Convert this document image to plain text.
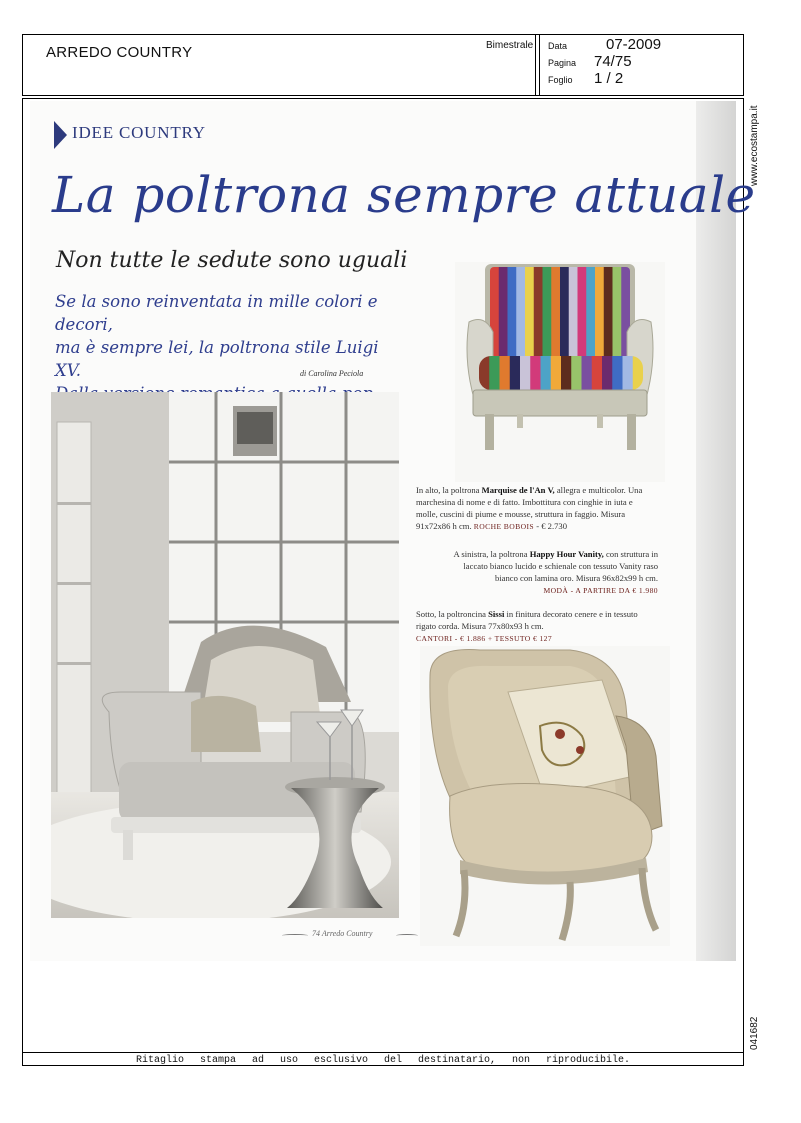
ARREDO COUNTRY	Bimestrale Data	07-2009
Pagina 74/75
Foglio 1 / 2
Ritaglio stampa ad uso esclusivo del destinatario, non riproducibile.
www.ecostampa.it
041682
IDEE COUNTRY
La poltrona sempre attuale
Non tutte le sedute sono uguali
Se la sono reinventata in mille colori e decori,
ma è sempre lei, la poltrona stile Luigi XV.	di Carolina Peciola
In alto, la poltrona Marquise de l'An V, allegra e multicolor. Una marchesina di nome e di fatto. Imbottitura con cinghie in iuta e molle, cuscini di piume e mousse, struttura in faggio. Misura 91x72x86 h cm. ROCHE BOBOIS - € 2.730
A sinistra, la poltrona Happy Hour Vanity, con struttura in laccato bianco lucido e schienale con tessuto Vanity raso bianco con lamina oro. Misura 96x82x99 h cm.
MODÀ - A PARTIRE DA € 1.980
Sotto, la poltroncina Sissi in finitura decorato cenere e in tessuto rigato corda. Misura 77x80x93 h cm.
CANTORI - € 1.886 + TESSUTO € 127
74 Arredo Country
